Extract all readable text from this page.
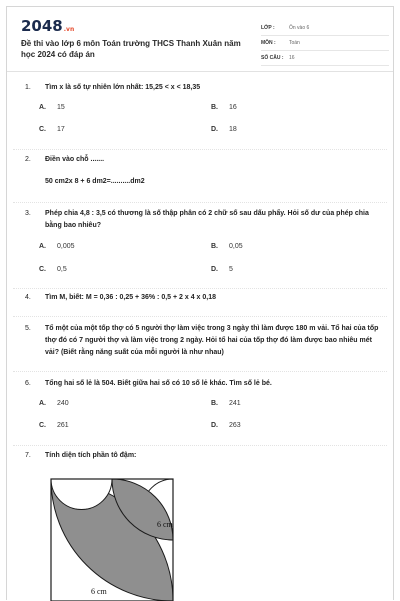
2048.vn
Đề thi vào lớp 6 môn Toán trường THCS Thanh Xuân năm học 2024 có đáp án
LỚP :	Ôn vào 6
MÔN :	Toán
SỐ CÂU :	16
1.	Tìm x là số tự nhiên lớn nhất: 15,25 < x < 18,35
A. 15	B. 16
C. 17	D. 18
2.	Điền vào chỗ .......
50 cm2x 8 + 6 dm2=..........dm2
3.	Phép chia 4,8 : 3,5 có thương là số thập phân có 2 chữ số sau dấu phẩy. Hỏi số dư của phép chia bằng bao nhiêu?
A. 0,005	B. 0,05
C. 0,5	D. 5
4.	Tìm M, biết: M = 0,36 : 0,25 + 36% : 0,5 + 2 x 4 x 0,18
5.	Tổ một của một tốp thợ có 5 người thợ làm việc trong 3 ngày thì làm được 180 m vải. Tổ hai của tốp thợ đó có 7 người thợ và làm việc trong 2 ngày. Hỏi tổ hai của tốp thợ đó làm được bao nhiêu mét vải? (Biết rằng năng suất của mỗi người là như nhau)
6.	Tổng hai số lẻ là 504. Biết giữa hai số có 10 số lẻ khác. Tìm số lẻ bé.
A. 240	B. 241
C. 261	D. 263
7.	Tính diện tích phần tô đậm:
6 cm
6 cm
